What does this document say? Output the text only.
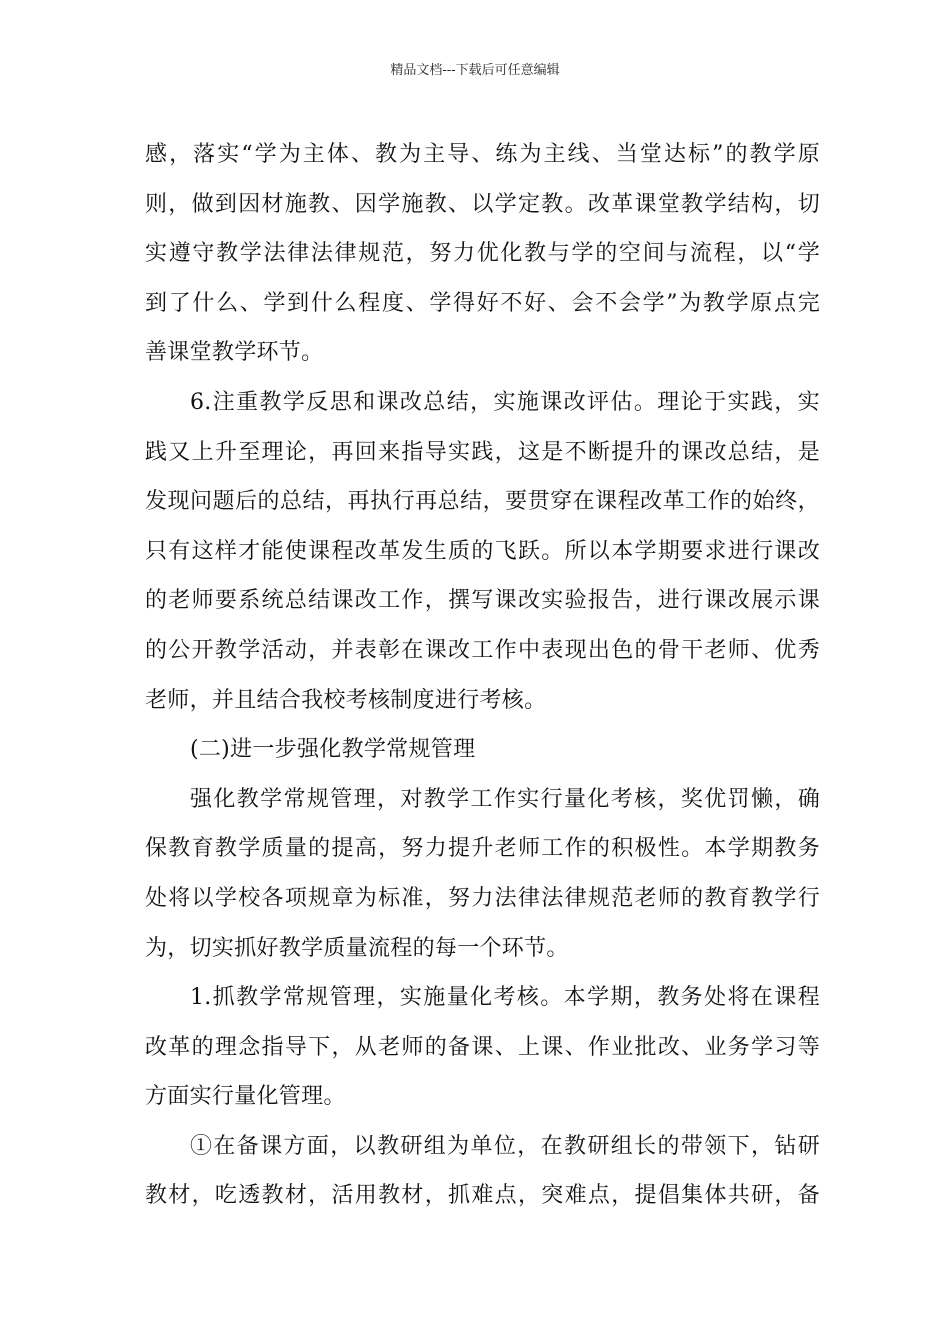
精品文档---下载后可任意编辑
感，落实“学为主体、教为主导、练为主线、当堂达标”的教学原
则，做到因材施教、因学施教、以学定教。改革课堂教学结构，切
实遵守教学法律法律规范，努力优化教与学的空间与流程，以“学
到了什么、学到什么程度、学得好不好、会不会学”为教学原点完
善课堂教学环节。
6.注重教学反思和课改总结，实施课改评估。理论于实践，实
践又上升至理论，再回来指导实践，这是不断提升的课改总结，是
发现问题后的总结，再执行再总结，要贯穿在课程改革工作的始终，
只有这样才能使课程改革发生质的飞跃。所以本学期要求进行课改
的老师要系统总结课改工作，撰写课改实验报告，进行课改展示课
的公开教学活动，并表彰在课改工作中表现出色的骨干老师、优秀
老师，并且结合我校考核制度进行考核。
(二)进一步强化教学常规管理
强化教学常规管理，对教学工作实行量化考核，奖优罚懒，确
保教育教学质量的提高，努力提升老师工作的积极性。本学期教务
处将以学校各项规章为标准，努力法律法律规范老师的教育教学行
为，切实抓好教学质量流程的每一个环节。
1.抓教学常规管理，实施量化考核。本学期，教务处将在课程
改革的理念指导下，从老师的备课、上课、作业批改、业务学习等
方面实行量化管理。
①在备课方面，以教研组为单位，在教研组长的带领下，钻研
教材，吃透教材，活用教材，抓难点，突难点，提倡集体共研，备
